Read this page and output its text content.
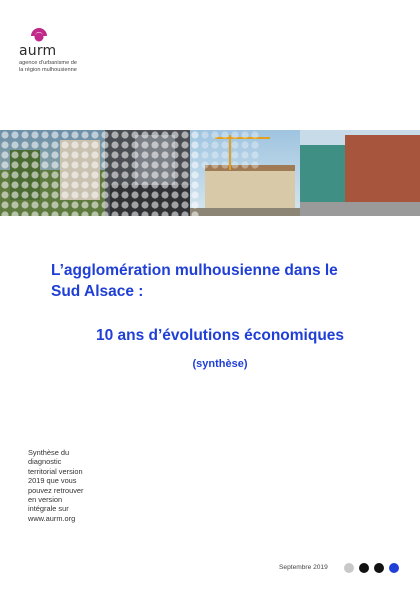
aurm
agence d'urbanisme de
la région mulhousienne
L’agglomération mulhousienne dans le
Sud Alsace :
10 ans d’évolutions économiques
(synthèse)
Synthèse du
diagnostic
territorial version
2019 que vous
pouvez retrouver
en version
intégrale sur
www.aurm.org
Septembre 2019
